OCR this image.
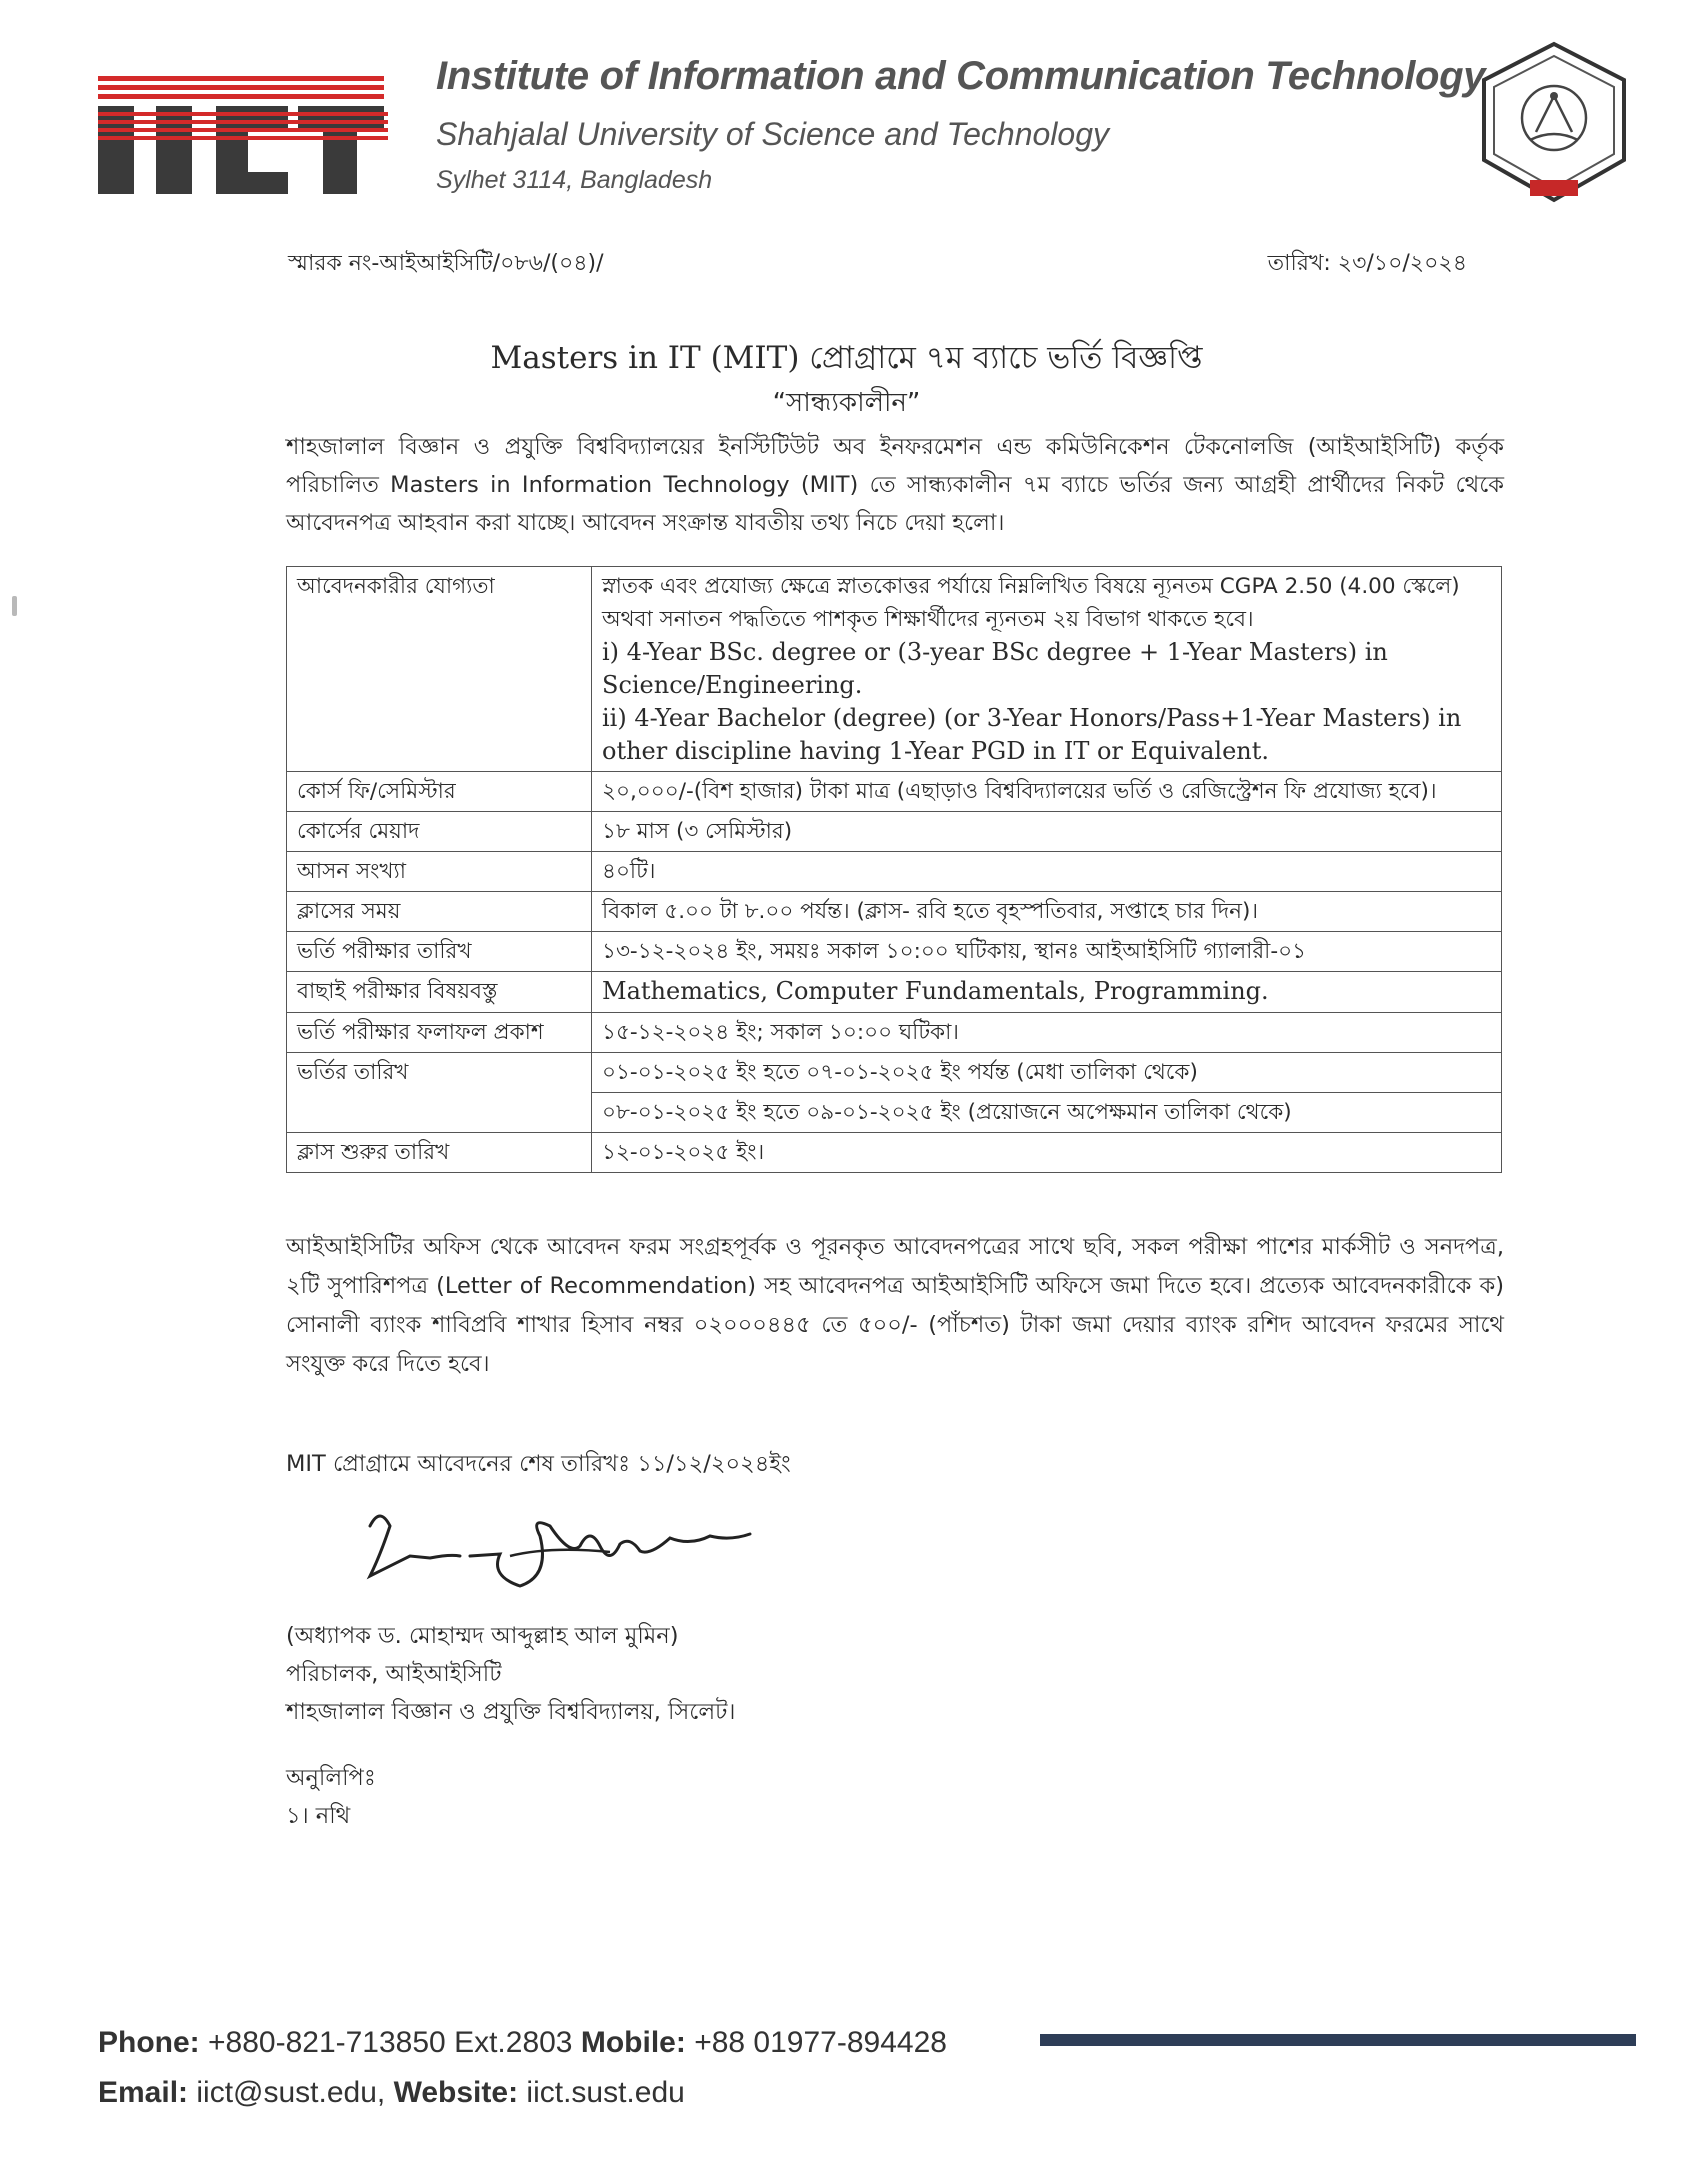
iiCT	Institute of Information and Communication Technology
Shahjalal University of Science and Technology
Sylhet 3114, Bangladesh
স্মারক নং-আইআইসিটি/০৮৬/(০৪)/	তারিখ: ২৩/১০/২০২৪
Masters in IT (MIT) প্রোগ্রামে ৭ম ব্যাচে ভর্তি বিজ্ঞপ্তি
“সান্ধ্যকালীন”
শাহজালাল বিজ্ঞান ও প্রযুক্তি বিশ্ববিদ্যালয়ের ইনস্টিটিউট অব ইনফরমেশন এন্ড কমিউনিকেশন টেকনোলজি (আইআইসিটি) কর্তৃক পরিচালিত Masters in Information Technology (MIT) তে সান্ধ্যকালীন ৭ম ব্যাচে ভর্তির জন্য আগ্রহী প্রার্থীদের নিকট থেকে আবেদনপত্র আহবান করা যাচ্ছে। আবেদন সংক্রান্ত যাবতীয় তথ্য নিচে দেয়া হলো।
আবেদনকারীর যোগ্যতা	স্নাতক এবং প্রযোজ্য ক্ষেত্রে স্নাতকোত্তর পর্যায়ে নিম্নলিখিত বিষয়ে ন্যূনতম CGPA 2.50 (4.00 স্কেলে) অথবা সনাতন পদ্ধতিতে পাশকৃত শিক্ষার্থীদের ন্যূনতম ২য় বিভাগ থাকতে হবে।
i) 4-Year BSc. degree or (3-year BSc degree + 1-Year Masters) in Science/Engineering.
ii) 4-Year Bachelor (degree) (or 3-Year Honors/Pass+1-Year Masters) in other discipline having 1-Year PGD in IT or Equivalent.

কোর্স ফি/সেমিস্টার	২০,০০০/-(বিশ হাজার) টাকা মাত্র (এছাড়াও বিশ্ববিদ্যালয়ের ভর্তি ও রেজিস্ট্রেশন ফি প্রযোজ্য হবে)।
কোর্সের মেয়াদ	১৮ মাস (৩ সেমিস্টার)
আসন সংখ্যা	৪০টি।
ক্লাসের সময়	বিকাল ৫.০০ টা ৮.০০ পর্যন্ত। (ক্লাস- রবি হতে বৃহস্পতিবার, সপ্তাহে চার দিন)।
ভর্তি পরীক্ষার তারিখ	১৩-১২-২০২৪ ইং, সময়ঃ সকাল ১০:০০ ঘটিকায়, স্থানঃ আইআইসিটি গ্যালারী-০১
বাছাই পরীক্ষার বিষয়বস্তু	Mathematics, Computer Fundamentals, Programming.
ভর্তি পরীক্ষার ফলাফল প্রকাশ	১৫-১২-২০২৪ ইং; সকাল ১০:০০ ঘটিকা।
ভর্তির তারিখ	০১-০১-২০২৫ ইং হতে ০৭-০১-২০২৫ ইং পর্যন্ত (মেধা তালিকা থেকে)
	০৮-০১-২০২৫ ইং হতে ০৯-০১-২০২৫ ইং (প্রয়োজনে অপেক্ষমান তালিকা থেকে)
ক্লাস শুরুর তারিখ	১২-০১-২০২৫ ইং।
আইআইসিটির অফিস থেকে আবেদন ফরম সংগ্রহপূর্বক ও পূরনকৃত আবেদনপত্রের সাথে ছবি, সকল পরীক্ষা পাশের মার্কসীট ও সনদপত্র, ২টি সুপারিশপত্র (Letter of Recommendation) সহ আবেদনপত্র আইআইসিটি অফিসে জমা দিতে হবে। প্রত্যেক আবেদনকারীকে ক) সোনালী ব্যাংক শাবিপ্রবি শাখার হিসাব নম্বর ০২০০০৪৪৫ তে ৫০০/- (পাঁচশত) টাকা জমা দেয়ার ব্যাংক রশিদ আবেদন ফরমের সাথে সংযুক্ত করে দিতে হবে।
MIT প্রোগ্রামে আবেদনের শেষ তারিখঃ ১১/১২/২০২৪ইং
(অধ্যাপক ড. মোহাম্মদ আব্দুল্লাহ আল মুমিন)
পরিচালক, আইআইসিটি
শাহজালাল বিজ্ঞান ও প্রযুক্তি বিশ্ববিদ্যালয়, সিলেট।
অনুলিপিঃ
১। নথি
Phone: +880-821-713850 Ext.2803 Mobile: +88 01977-894428
Email: iict@sust.edu, Website: iict.sust.edu
